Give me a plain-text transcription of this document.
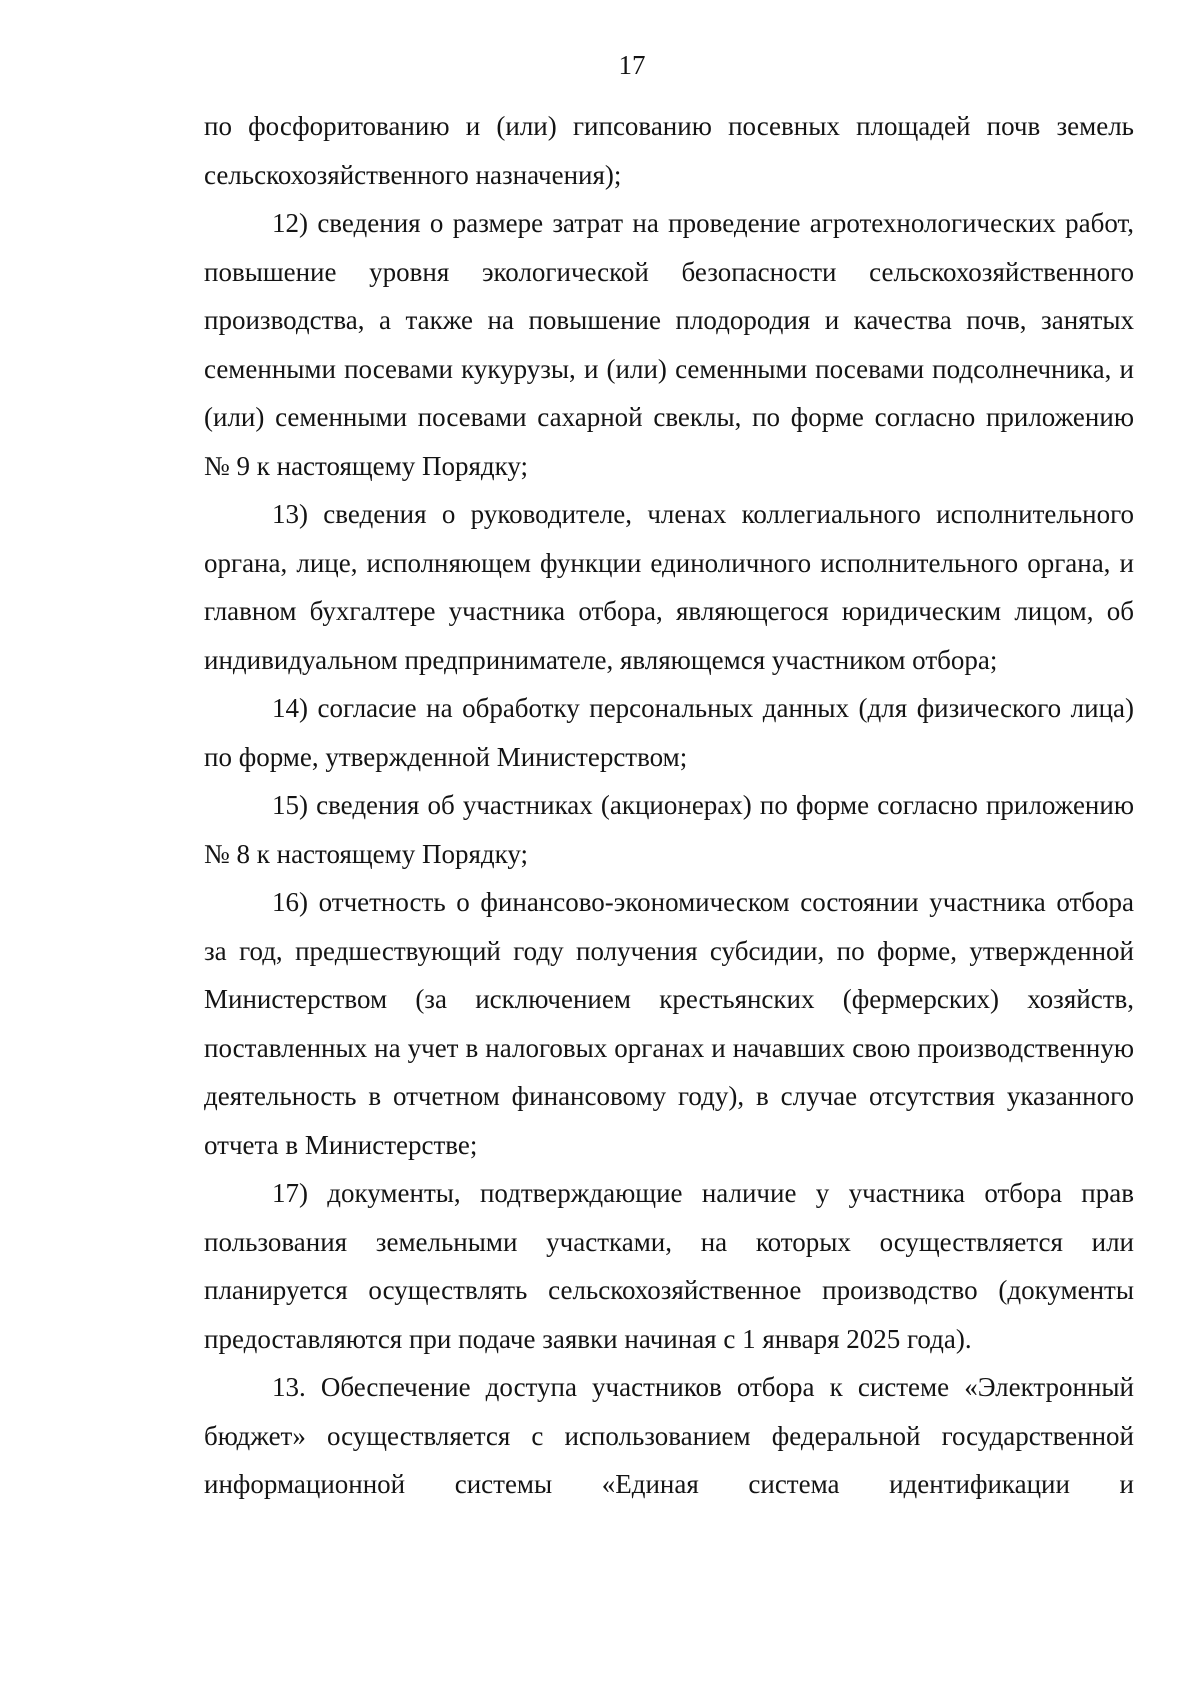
17

по фосфоритованию и (или) гипсованию посевных площадей почв земель сельскохозяйственного назначения);

12) сведения о размере затрат на проведение агротехнологических работ, повышение уровня экологической безопасности сельскохозяйственного производства, а также на повышение плодородия и качества почв, занятых семенными посевами кукурузы, и (или) семенными посевами подсолнечника, и (или) семенными посевами сахарной свеклы, по форме согласно приложению № 9 к настоящему Порядку;

13) сведения о руководителе, членах коллегиального исполнительного органа, лице, исполняющем функции единоличного исполнительного органа, и главном бухгалтере участника отбора, являющегося юридическим лицом, об индивидуальном предпринимателе, являющемся участником отбора;

14) согласие на обработку персональных данных (для физического лица) по форме, утвержденной Министерством;

15) сведения об участниках (акционерах) по форме согласно приложению № 8 к настоящему Порядку;

16) отчетность о финансово-экономическом состоянии участника отбора за год, предшествующий году получения субсидии, по форме, утвержденной Министерством (за исключением крестьянских (фермерских) хозяйств, поставленных на учет в налоговых органах и начавших свою производственную деятельность в отчетном финансовому году), в случае отсутствия указанного отчета в Министерстве;

17) документы, подтверждающие наличие у участника отбора прав пользования земельными участками, на которых осуществляется или планируется осуществлять сельскохозяйственное производство (документы предоставляются при подаче заявки начиная с 1 января 2025 года).

13. Обеспечение доступа участников отбора к системе «Электронный бюджет» осуществляется с использованием федеральной государственной информационной системы «Единая система идентификации и
